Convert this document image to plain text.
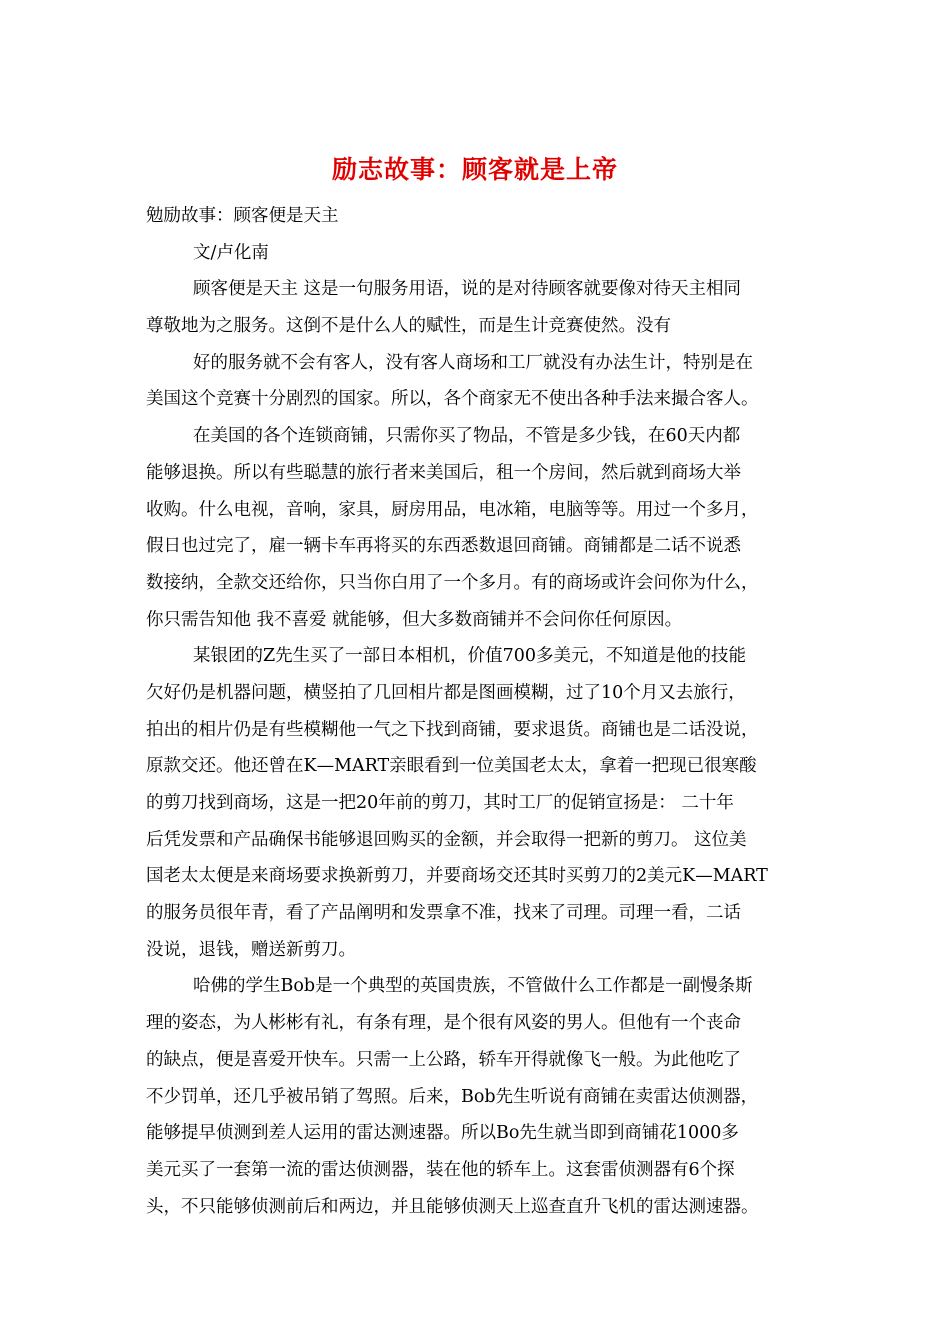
励志故事：顾客就是上帝
勉励故事：顾客便是天主
文/卢化南
顾客便是天主 这是一句服务用语，说的是对待顾客就要像对待天主相同
尊敬地为之服务。这倒不是什么人的赋性，而是生计竞赛使然。没有
好的服务就不会有客人，没有客人商场和工厂就没有办法生计，特别是在
美国这个竞赛十分剧烈的国家。所以，各个商家无不使出各种手法来撮合客人。
在美国的各个连锁商铺，只需你买了物品，不管是多少钱，在60天内都
能够退换。所以有些聪慧的旅行者来美国后，租一个房间，然后就到商场大举
收购。什么电视，音响，家具，厨房用品，电冰箱，电脑等等。用过一个多月，
假日也过完了，雇一辆卡车再将买的东西悉数退回商铺。商铺都是二话不说悉
数接纳，全款交还给你，只当你白用了一个多月。有的商场或许会问你为什么，
你只需告知他 我不喜爱 就能够，但大多数商铺并不会问你任何原因。
某银团的Z先生买了一部日本相机，价值700多美元，不知道是他的技能
欠好仍是机器问题，横竖拍了几回相片都是图画模糊，过了10个月又去旅行，
拍出的相片仍是有些模糊他一气之下找到商铺，要求退货。商铺也是二话没说，
原款交还。他还曾在K—MART亲眼看到一位美国老太太，拿着一把现已很寒酸
的剪刀找到商场，这是一把20年前的剪刀，其时工厂的促销宣扬是： 二十年
后凭发票和产品确保书能够退回购买的金额，并会取得一把新的剪刀。 这位美
国老太太便是来商场要求换新剪刀，并要商场交还其时买剪刀的2美元K—MART
的服务员很年青，看了产品阐明和发票拿不准，找来了司理。司理一看，二话
没说，退钱，赠送新剪刀。
哈佛的学生Bob是一个典型的英国贵族，不管做什么工作都是一副慢条斯
理的姿态，为人彬彬有礼，有条有理，是个很有风姿的男人。但他有一个丧命
的缺点，便是喜爱开快车。只需一上公路，轿车开得就像飞一般。为此他吃了
不少罚单，还几乎被吊销了驾照。后来，Bob先生听说有商铺在卖雷达侦测器，
能够提早侦测到差人运用的雷达测速器。所以Bo先生就当即到商铺花1000多
美元买了一套第一流的雷达侦测器，装在他的轿车上。这套雷侦测器有6个探
头，不只能够侦测前后和两边，并且能够侦测天上巡查直升飞机的雷达测速器。
